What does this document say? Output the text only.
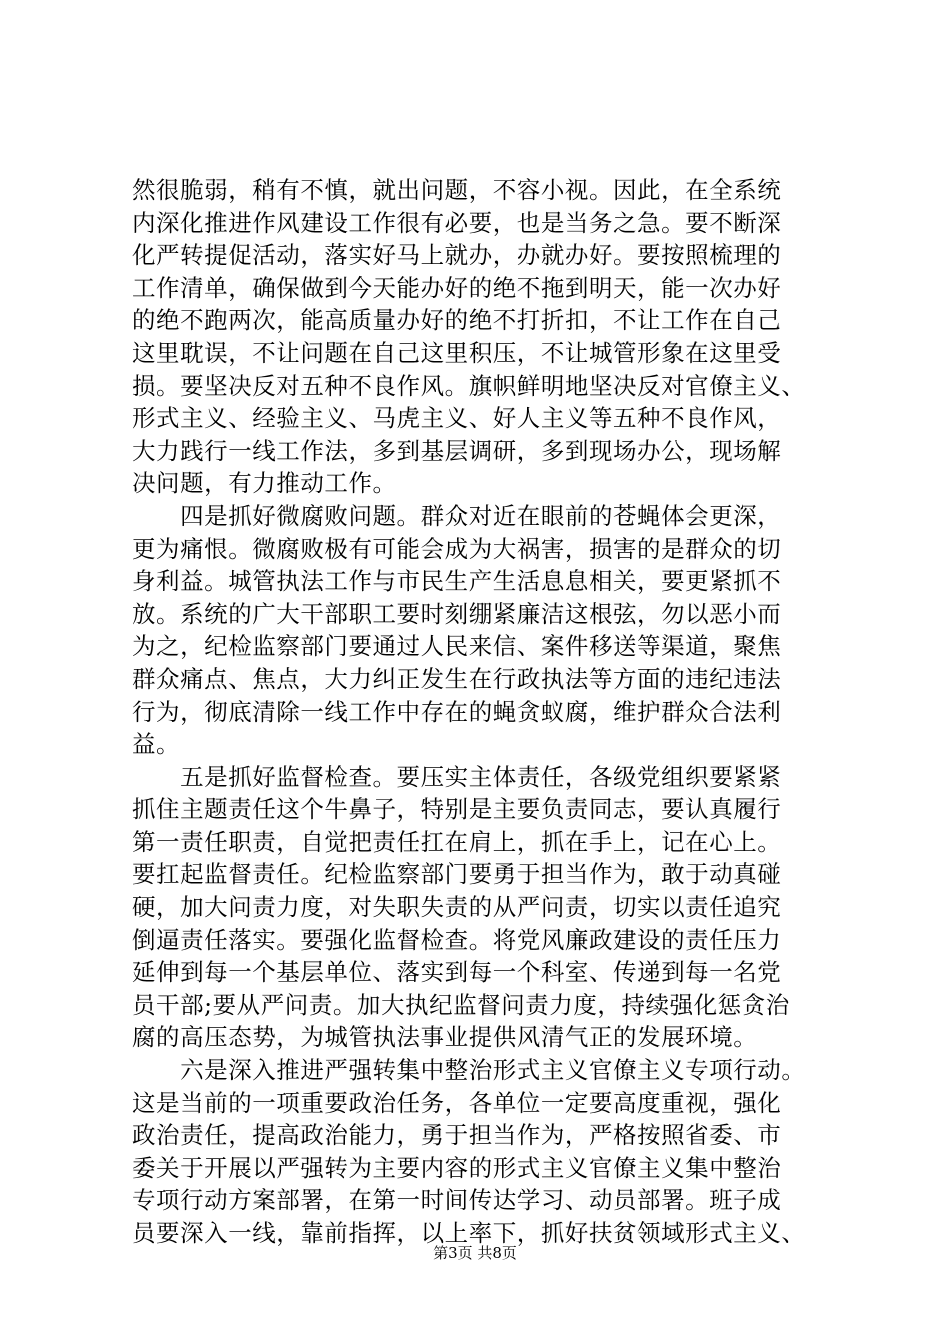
然很脆弱，稍有不慎，就出问题，不容小视。因此，在全系统
内深化推进作风建设工作很有必要，也是当务之急。要不断深
化严转提促活动，落实好马上就办，办就办好。要按照梳理的
工作清单，确保做到今天能办好的绝不拖到明天，能一次办好
的绝不跑两次，能高质量办好的绝不打折扣，不让工作在自己
这里耽误，不让问题在自己这里积压，不让城管形象在这里受
损。要坚决反对五种不良作风。旗帜鲜明地坚决反对官僚主义、
形式主义、经验主义、马虎主义、好人主义等五种不良作风，
大力践行一线工作法，多到基层调研，多到现场办公，现场解
决问题，有力推动工作。
　　四是抓好微腐败问题。群众对近在眼前的苍蝇体会更深，
更为痛恨。微腐败极有可能会成为大祸害，损害的是群众的切
身利益。城管执法工作与市民生产生活息息相关，要更紧抓不
放。系统的广大干部职工要时刻绷紧廉洁这根弦，勿以恶小而
为之，纪检监察部门要通过人民来信、案件移送等渠道，聚焦
群众痛点、焦点，大力纠正发生在行政执法等方面的违纪违法
行为，彻底清除一线工作中存在的蝇贪蚁腐，维护群众合法利
益。
　　五是抓好监督检查。要压实主体责任，各级党组织要紧紧
抓住主题责任这个牛鼻子，特别是主要负责同志，要认真履行
第一责任职责，自觉把责任扛在肩上，抓在手上，记在心上。
要扛起监督责任。纪检监察部门要勇于担当作为，敢于动真碰
硬，加大问责力度，对失职失责的从严问责，切实以责任追究
倒逼责任落实。要强化监督检查。将党风廉政建设的责任压力
延伸到每一个基层单位、落实到每一个科室、传递到每一名党
员干部;要从严问责。加大执纪监督问责力度，持续强化惩贪治
腐的高压态势，为城管执法事业提供风清气正的发展环境。
　　六是深入推进严强转集中整治形式主义官僚主义专项行动。
这是当前的一项重要政治任务，各单位一定要高度重视，强化
政治责任，提高政治能力，勇于担当作为，严格按照省委、市
委关于开展以严强转为主要内容的形式主义官僚主义集中整治
专项行动方案部署，在第一时间传达学习、动员部署。班子成
员要深入一线，靠前指挥，以上率下，抓好扶贫领域形式主义、
第3页 共8页
